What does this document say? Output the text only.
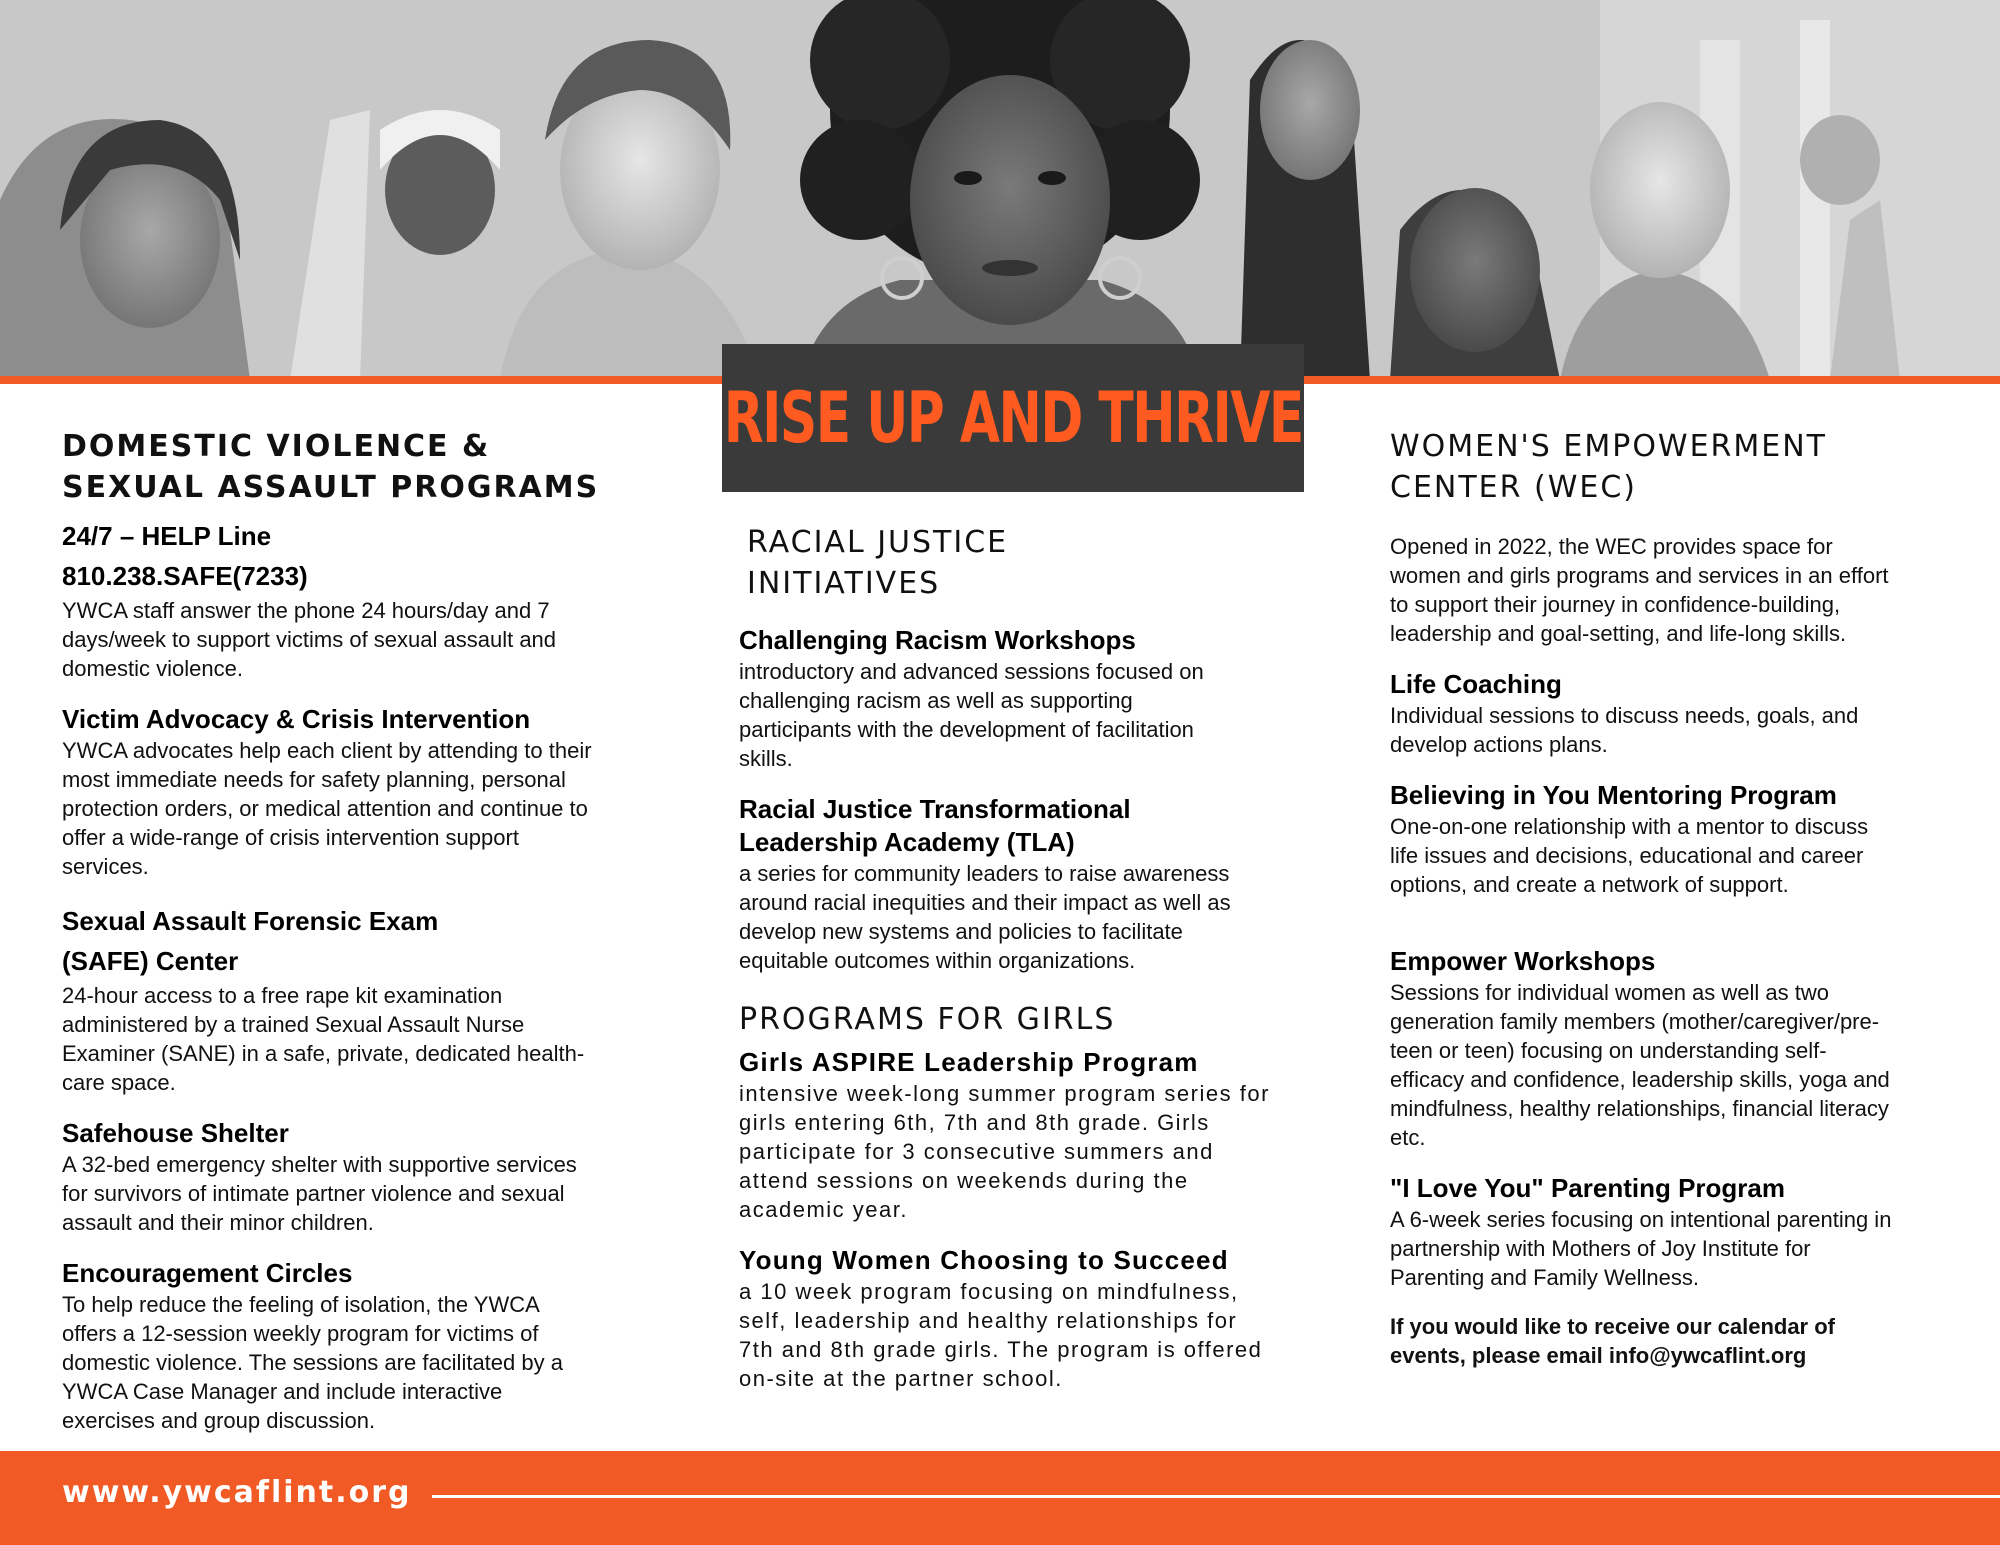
RISE UP AND THRIVE
DOMESTIC VIOLENCE &
SEXUAL ASSAULT PROGRAMS
24/7 – HELP Line
810.238.SAFE(7233)
YWCA staff answer the phone 24 hours/day and 7
days/week to support victims of sexual assault and
domestic violence.
Victim Advocacy & Crisis Intervention
YWCA advocates help each client by attending to their
most immediate needs for safety planning, personal
protection orders, or medical attention and continue to
offer a wide-range of crisis intervention support
services.
Sexual Assault Forensic Exam
(SAFE) Center
24-hour access to a free rape kit examination
administered by a trained Sexual Assault Nurse
Examiner (SANE) in a safe, private, dedicated health-
care space.
Safehouse Shelter
A 32-bed emergency shelter with supportive services
for survivors of intimate partner violence and sexual
assault and their minor children.
Encouragement Circles
To help reduce the feeling of isolation, the YWCA
offers a 12-session weekly program for victims of
domestic violence. The sessions are facilitated by a
YWCA Case Manager and include interactive
exercises and group discussion.
RACIAL JUSTICE
INITIATIVES
Challenging Racism Workshops
introductory and advanced sessions focused on
challenging racism as well as supporting
participants with the development of facilitation
skills.
Racial Justice Transformational
Leadership Academy (TLA)
a series for community leaders to raise awareness
around racial inequities and their impact as well as
develop new systems and policies to facilitate
equitable outcomes within organizations.
PROGRAMS FOR GIRLS
Girls ASPIRE Leadership Program
intensive week-long summer program series for
girls entering 6th, 7th and 8th grade. Girls
participate for 3 consecutive summers and
attend sessions on weekends during the
academic year.
Young Women Choosing to Succeed
a 10 week program focusing on mindfulness,
self, leadership and healthy relationships for
7th and 8th grade girls. The program is offered
on-site at the partner school.
WOMEN'S EMPOWERMENT
CENTER (WEC)
Opened in 2022, the WEC provides space for
women and girls programs and services in an effort
to support their journey in confidence-building,
leadership and goal-setting, and life-long skills.
Life Coaching
Individual sessions to discuss needs, goals, and
develop actions plans.
Believing in You Mentoring Program
One-on-one relationship with a mentor to discuss
life issues and decisions, educational and career
options, and create a network of support.
Empower Workshops
Sessions for individual women as well as two
generation family members (mother/caregiver/pre-
teen or teen) focusing on understanding self-
efficacy and confidence, leadership skills, yoga and
mindfulness, healthy relationships, financial literacy
etc.
"I Love You" Parenting Program
A 6-week series focusing on intentional parenting in
partnership with Mothers of Joy Institute for
Parenting and Family Wellness.
If you would like to receive our calendar of
events, please email info@ywcaflint.org
www.ywcaflint.org
